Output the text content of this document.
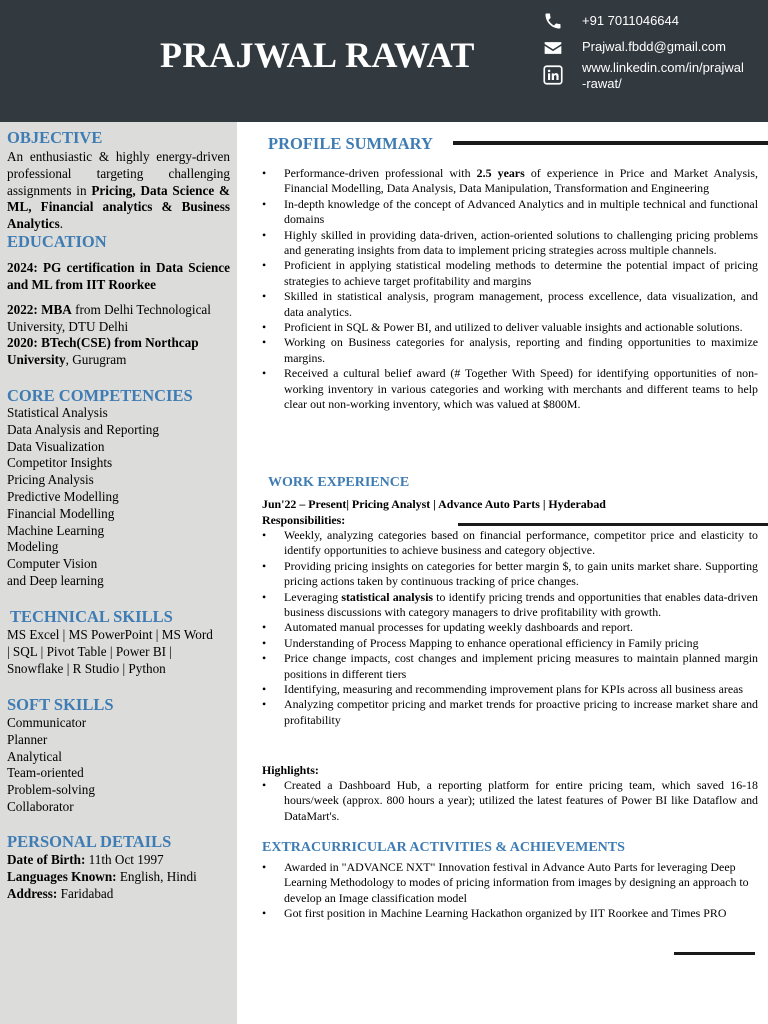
PRAJWAL RAWAT
+91 7011046644
Prajwal.fbdd@gmail.com
www.linkedin.com/in/prajwal
-rawat/
OBJECTIVE
An enthusiastic & highly energy-driven professional targeting challenging assignments in Pricing, Data Science & ML, Financial analytics & Business Analytics.
EDUCATION
2024: PG certification in Data Science and ML from IIT Roorkee
2022: MBA from Delhi Technological University, DTU Delhi
2020: BTech(CSE) from Northcap University, Gurugram
CORE COMPETENCIES
Statistical Analysis
Data Analysis and Reporting
Data Visualization
Competitor Insights
Pricing Analysis
Predictive Modelling
Financial Modelling
Machine Learning
Modeling
Computer Vision
and Deep learning
TECHNICAL SKILLS
MS Excel | MS PowerPoint | MS Word
| SQL | Pivot Table | Power BI |
Snowflake | R Studio | Python
SOFT SKILLS
Communicator
Planner
Analytical
Team-oriented
Problem-solving
Collaborator
PERSONAL DETAILS
Date of Birth: 11th Oct 1997
Languages Known: English, Hindi
Address: Faridabad
PROFILE SUMMARY
• Performance-driven professional with 2.5 years of experience in Price and Market Analysis, Financial Modelling, Data Analysis, Data Manipulation, Transformation and Engineering
• In-depth knowledge of the concept of Advanced Analytics and in multiple technical and functional domains
• Highly skilled in providing data-driven, action-oriented solutions to challenging pricing problems and generating insights from data to implement pricing strategies across multiple channels.
• Proficient in applying statistical modeling methods to determine the potential impact of pricing strategies to achieve target profitability and margins
• Skilled in statistical analysis, program management, process excellence, data visualization, and data analytics.
• Proficient in SQL & Power BI, and utilized to deliver valuable insights and actionable solutions.
• Working on Business categories for analysis, reporting and finding opportunities to maximize margins.
• Received a cultural belief award (# Together With Speed) for identifying opportunities of non-working inventory in various categories and working with merchants and different teams to help clear out non-working inventory, which was valued at $800M.
WORK EXPERIENCE
Jun'22 – Present| Pricing Analyst | Advance Auto Parts | Hyderabad
Responsibilities:
• Weekly, analyzing categories based on financial performance, competitor price and elasticity to identify opportunities to achieve business and category objective.
• Providing pricing insights on categories for better margin $, to gain units market share. Supporting pricing actions taken by continuous tracking of price changes.
• Leveraging statistical analysis to identify pricing trends and opportunities that enables data-driven business discussions with category managers to drive profitability with growth.
• Automated manual processes for updating weekly dashboards and report.
• Understanding of Process Mapping to enhance operational efficiency in Family pricing
• Price change impacts, cost changes and implement pricing measures to maintain planned margin positions in different tiers
• Identifying, measuring and recommending improvement plans for KPIs across all business areas
• Analyzing competitor pricing and market trends for proactive pricing to increase market share and profitability
Highlights:
• Created a Dashboard Hub, a reporting platform for entire pricing team, which saved 16-18 hours/week (approx. 800 hours a year); utilized the latest features of Power BI like Dataflow and DataMart's.
EXTRACURRICULAR ACTIVITIES & ACHIEVEMENTS
• Awarded in "ADVANCE NXT" Innovation festival in Advance Auto Parts for leveraging Deep Learning Methodology to modes of pricing information from images by designing an approach to develop an Image classification model
• Got first position in Machine Learning Hackathon organized by IIT Roorkee and Times PRO
